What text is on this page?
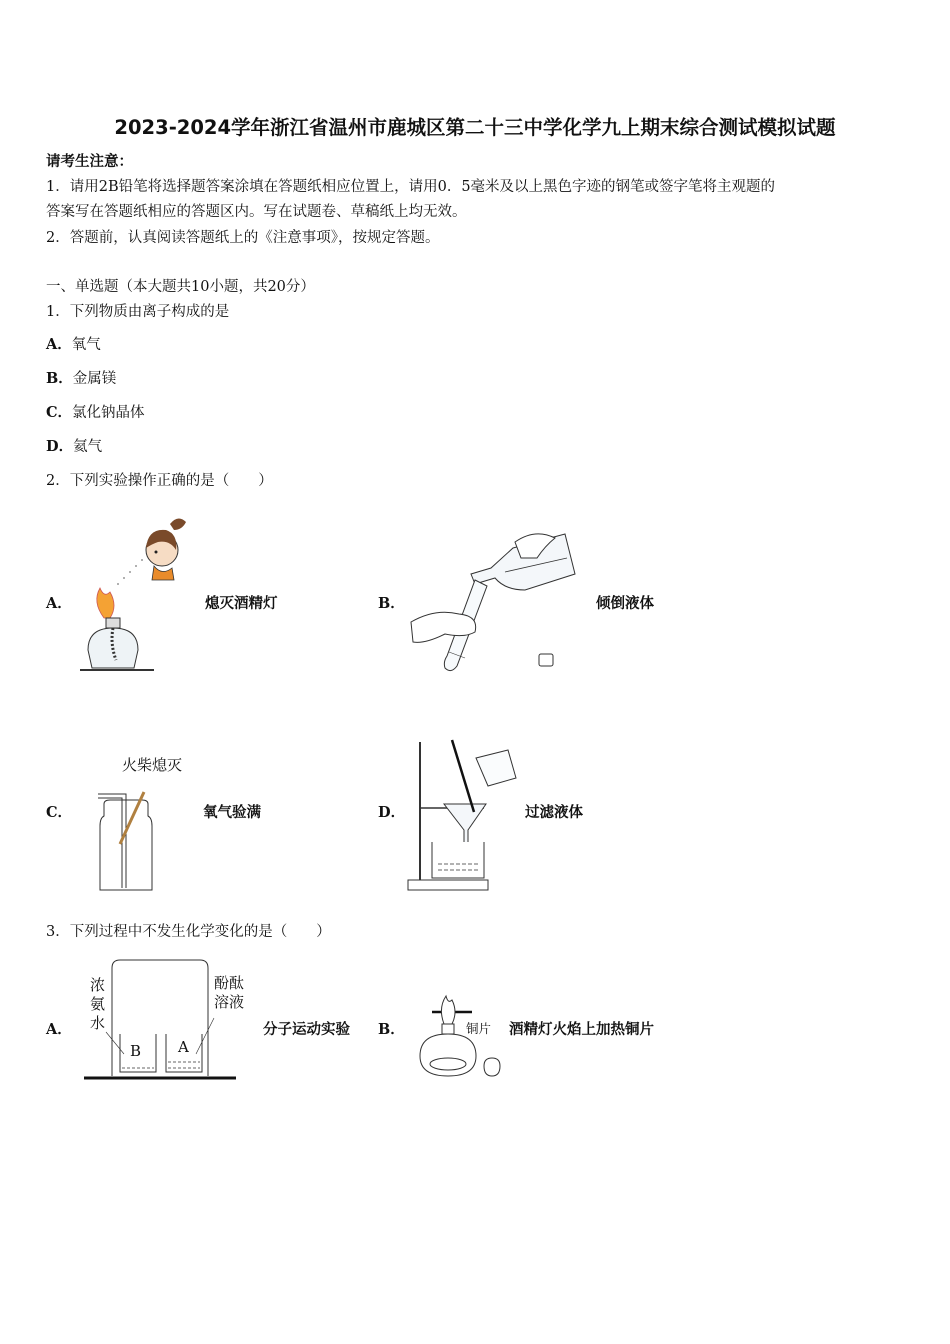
2023-2024学年浙江省温州市鹿城区第二十三中学化学九上期末综合测试模拟试题
请考生注意：
1．请用2B铅笔将选择题答案涂填在答题纸相应位置上，请用0．5毫米及以上黑色字迹的钢笔或签字笔将主观题的
答案写在答题纸相应的答题区内。写在试题卷、草稿纸上均无效。
2．答题前，认真阅读答题纸上的《注意事项》，按规定答题。
一、单选题（本大题共10小题，共20分）
1．下列物质由离子构成的是
A．氧气
B．金属镁
C．氯化钠晶体
D．氦气
2．下列实验操作正确的是（　　）
A．	熄灭酒精灯	B．	倾倒液体
C．
火柴熄灭
氧气验满	D．	过滤液体
3．下列过程中不发生化学变化的是（　　）
A．
浓氨水
酚酞溶液
B A
分子运动实验 B．	铜片 酒精灯火焰上加热铜片
